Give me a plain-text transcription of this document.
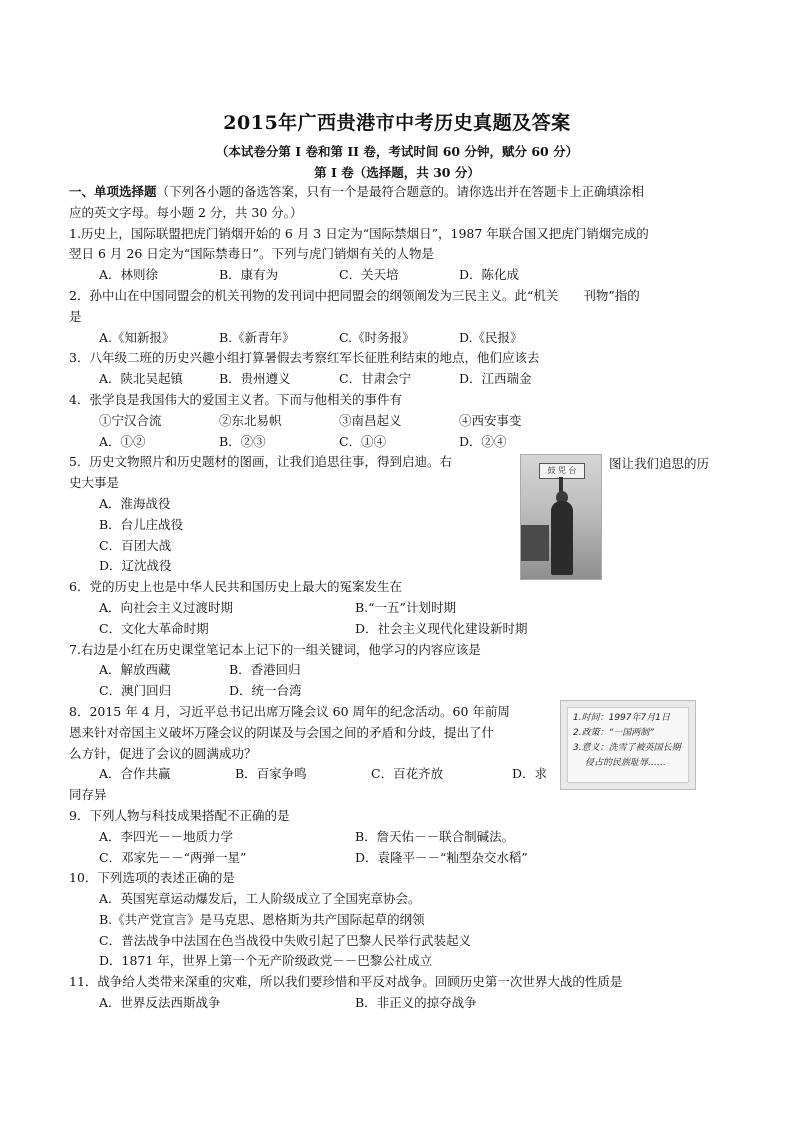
2015年广西贵港市中考历史真题及答案
（本试卷分第 I 卷和第 II 卷，考试时间 60 分钟，赋分 60 分）
第 I 卷（选择题，共 30 分）
一、单项选择题（下列各小题的备选答案，只有一个是最符合题意的。请你选出并在答题卡上正确填涂相
应的英文字母。每小题 2 分，共 30 分。）
1.历史上，国际联盟把虎门销烟开始的 6 月 3 日定为“国际禁烟日”，1987 年联合国又把虎门销烟完成的
翌日 6 月 26 日定为“国际禁毒日”。下列与虎门销烟有关的人物是
A．林则徐	B．康有为	C．关天培	D．陈化成
2．孙中山在中国同盟会的机关刊物的发刊词中把同盟会的纲领阐发为三民主义。此“机关　　刊物”指的
是
A.《知新报》	B.《新青年》	C.《时务报》	D.《民报》
3．八年级二班的历史兴趣小组打算暑假去考察红军长征胜利结束的地点，他们应该去
A．陕北吴起镇	B．贵州遵义	C．甘肃会宁	D．江西瑞金
4．张学良是我国伟大的爱国主义者。下而与他相关的事件有
①宁汉合流	②东北易帜	③南昌起义	④西安事变
A．①②	B．②③	C．①④	D．②④
5．历史文物照片和历史题材的图画，让我们追思往事，得到启迪。右
史大事是
A．淮海战役
B．台儿庄战役
C．百团大战
D．辽沈战役
6．党的历史上也是中华人民共和国历史上最大的冤案发生在
A．向社会主义过渡时期	B.“一五”计划时期
C．文化大革命时期	D．社会主义现代化建设新时期
7.右边是小红在历史课堂笔记本上记下的一组关键词，他学习的内容应该是
A．解放西藏	B．香港回归
C．澳门回归	D．统一台湾
8．2015 年 4 月，习近平总书记出席万隆会议 60 周年的纪念活动。60 年前周
恩来针对帝国主义破坏万隆会议的阴谋及与会国之间的矛盾和分歧，提出了什
么方针，促进了会议的圆满成功？
A．合作共赢	B．百家争鸣	C．百花齐放	D．求
同存异
9．下列人物与科技成果搭配不正确的是
A．李四光－－地质力学	B．詹天佑－－联合制碱法。
C．邓家先－－“两弹一星”	D．袁隆平－－“籼型杂交水稻”
10．下列选项的表述正确的是
A．英国宪章运动爆发后，工人阶级成立了全国宪章协会。
B.《共产党宣言》是马克思、恩格斯为共产国际起草的纲领
C．普法战争中法国在色当战役中失败引起了巴黎人民举行武装起义
D．1871 年，世界上第一个无产阶级政党－－巴黎公社成立
11．战争给人类带来深重的灾难，所以我们要珍惜和平反对战争。回顾历史第一次世界大战的性质是
A．世界反法西斯战争	B．非正义的掠夺战争
图让我们追思的历
鼓 兕 台
1.时间：1997年7月1日
2.政策：“一国两制”
3.意义：洗雪了被英国长期
侵占的民族耻辱……
